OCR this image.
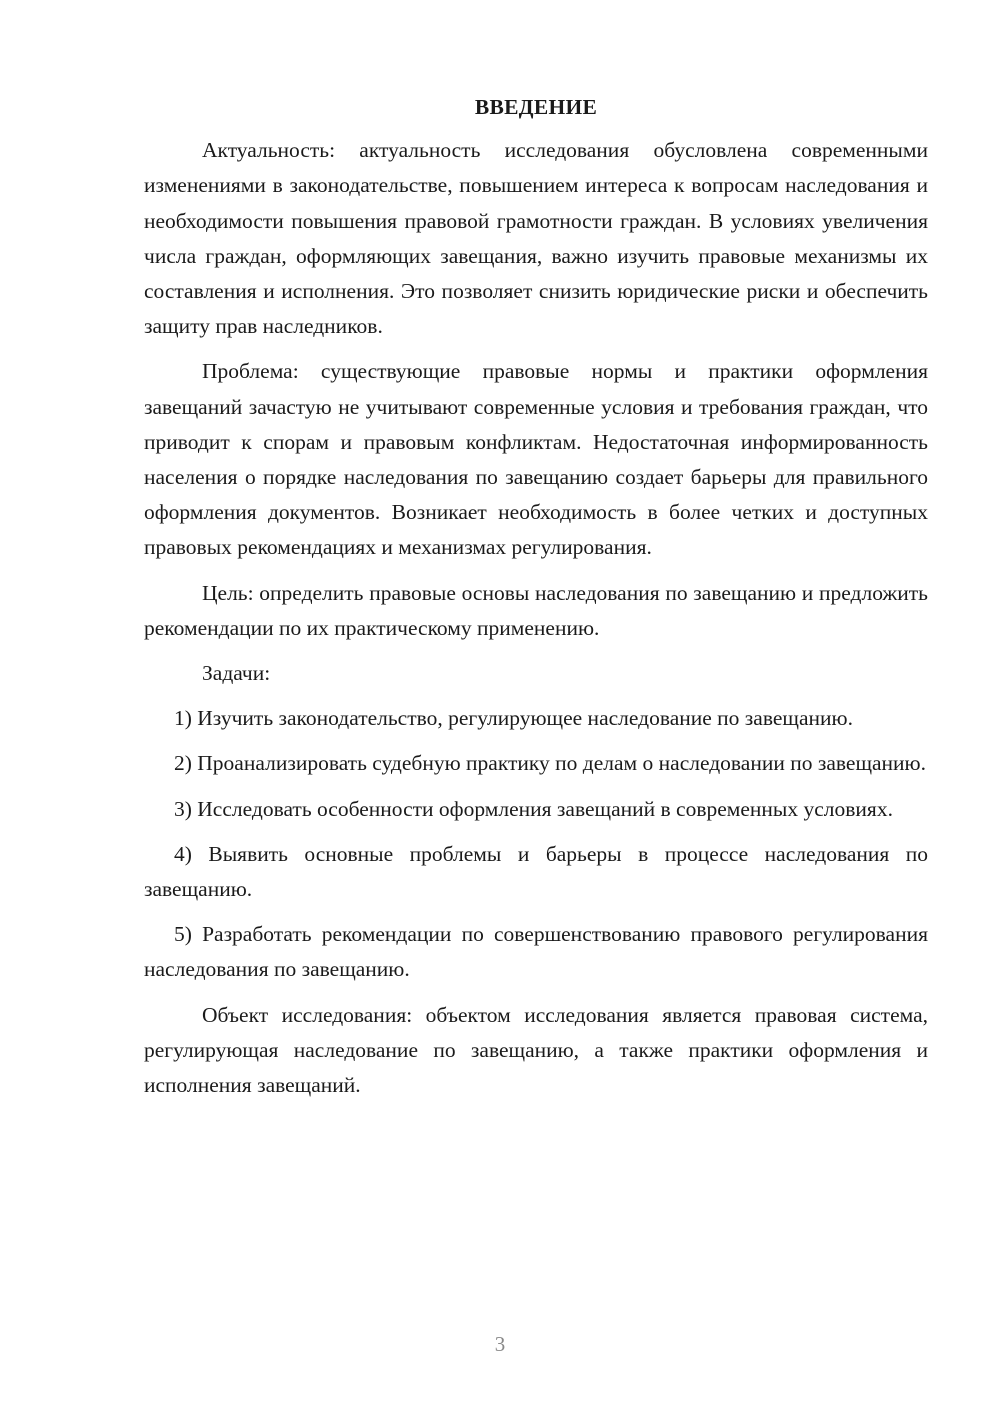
ВВЕДЕНИЕ

Актуальность: актуальность исследования обусловлена современными изменениями в законодательстве, повышением интереса к вопросам наследования и необходимости повышения правовой грамотности граждан. В условиях увеличения числа граждан, оформляющих завещания, важно изучить правовые механизмы их составления и исполнения. Это позволяет снизить юридические риски и обеспечить защиту прав наследников.

Проблема: существующие правовые нормы и практики оформления завещаний зачастую не учитывают современные условия и требования граждан, что приводит к спорам и правовым конфликтам. Недостаточная информированность населения о порядке наследования по завещанию создает барьеры для правильного оформления документов. Возникает необходимость в более четких и доступных правовых рекомендациях и механизмах регулирования.

Цель: определить правовые основы наследования по завещанию и предложить рекомендации по их практическому применению.

Задачи:

1) Изучить законодательство, регулирующее наследование по завещанию.

2) Проанализировать судебную практику по делам о наследовании по завещанию.

3) Исследовать особенности оформления завещаний в современных условиях.

4) Выявить основные проблемы и барьеры в процессе наследования по завещанию.

5) Разработать рекомендации по совершенствованию правового регулирования наследования по завещанию.

Объект исследования: объектом исследования является правовая система, регулирующая наследование по завещанию, а также практики оформления и исполнения завещаний.

3
